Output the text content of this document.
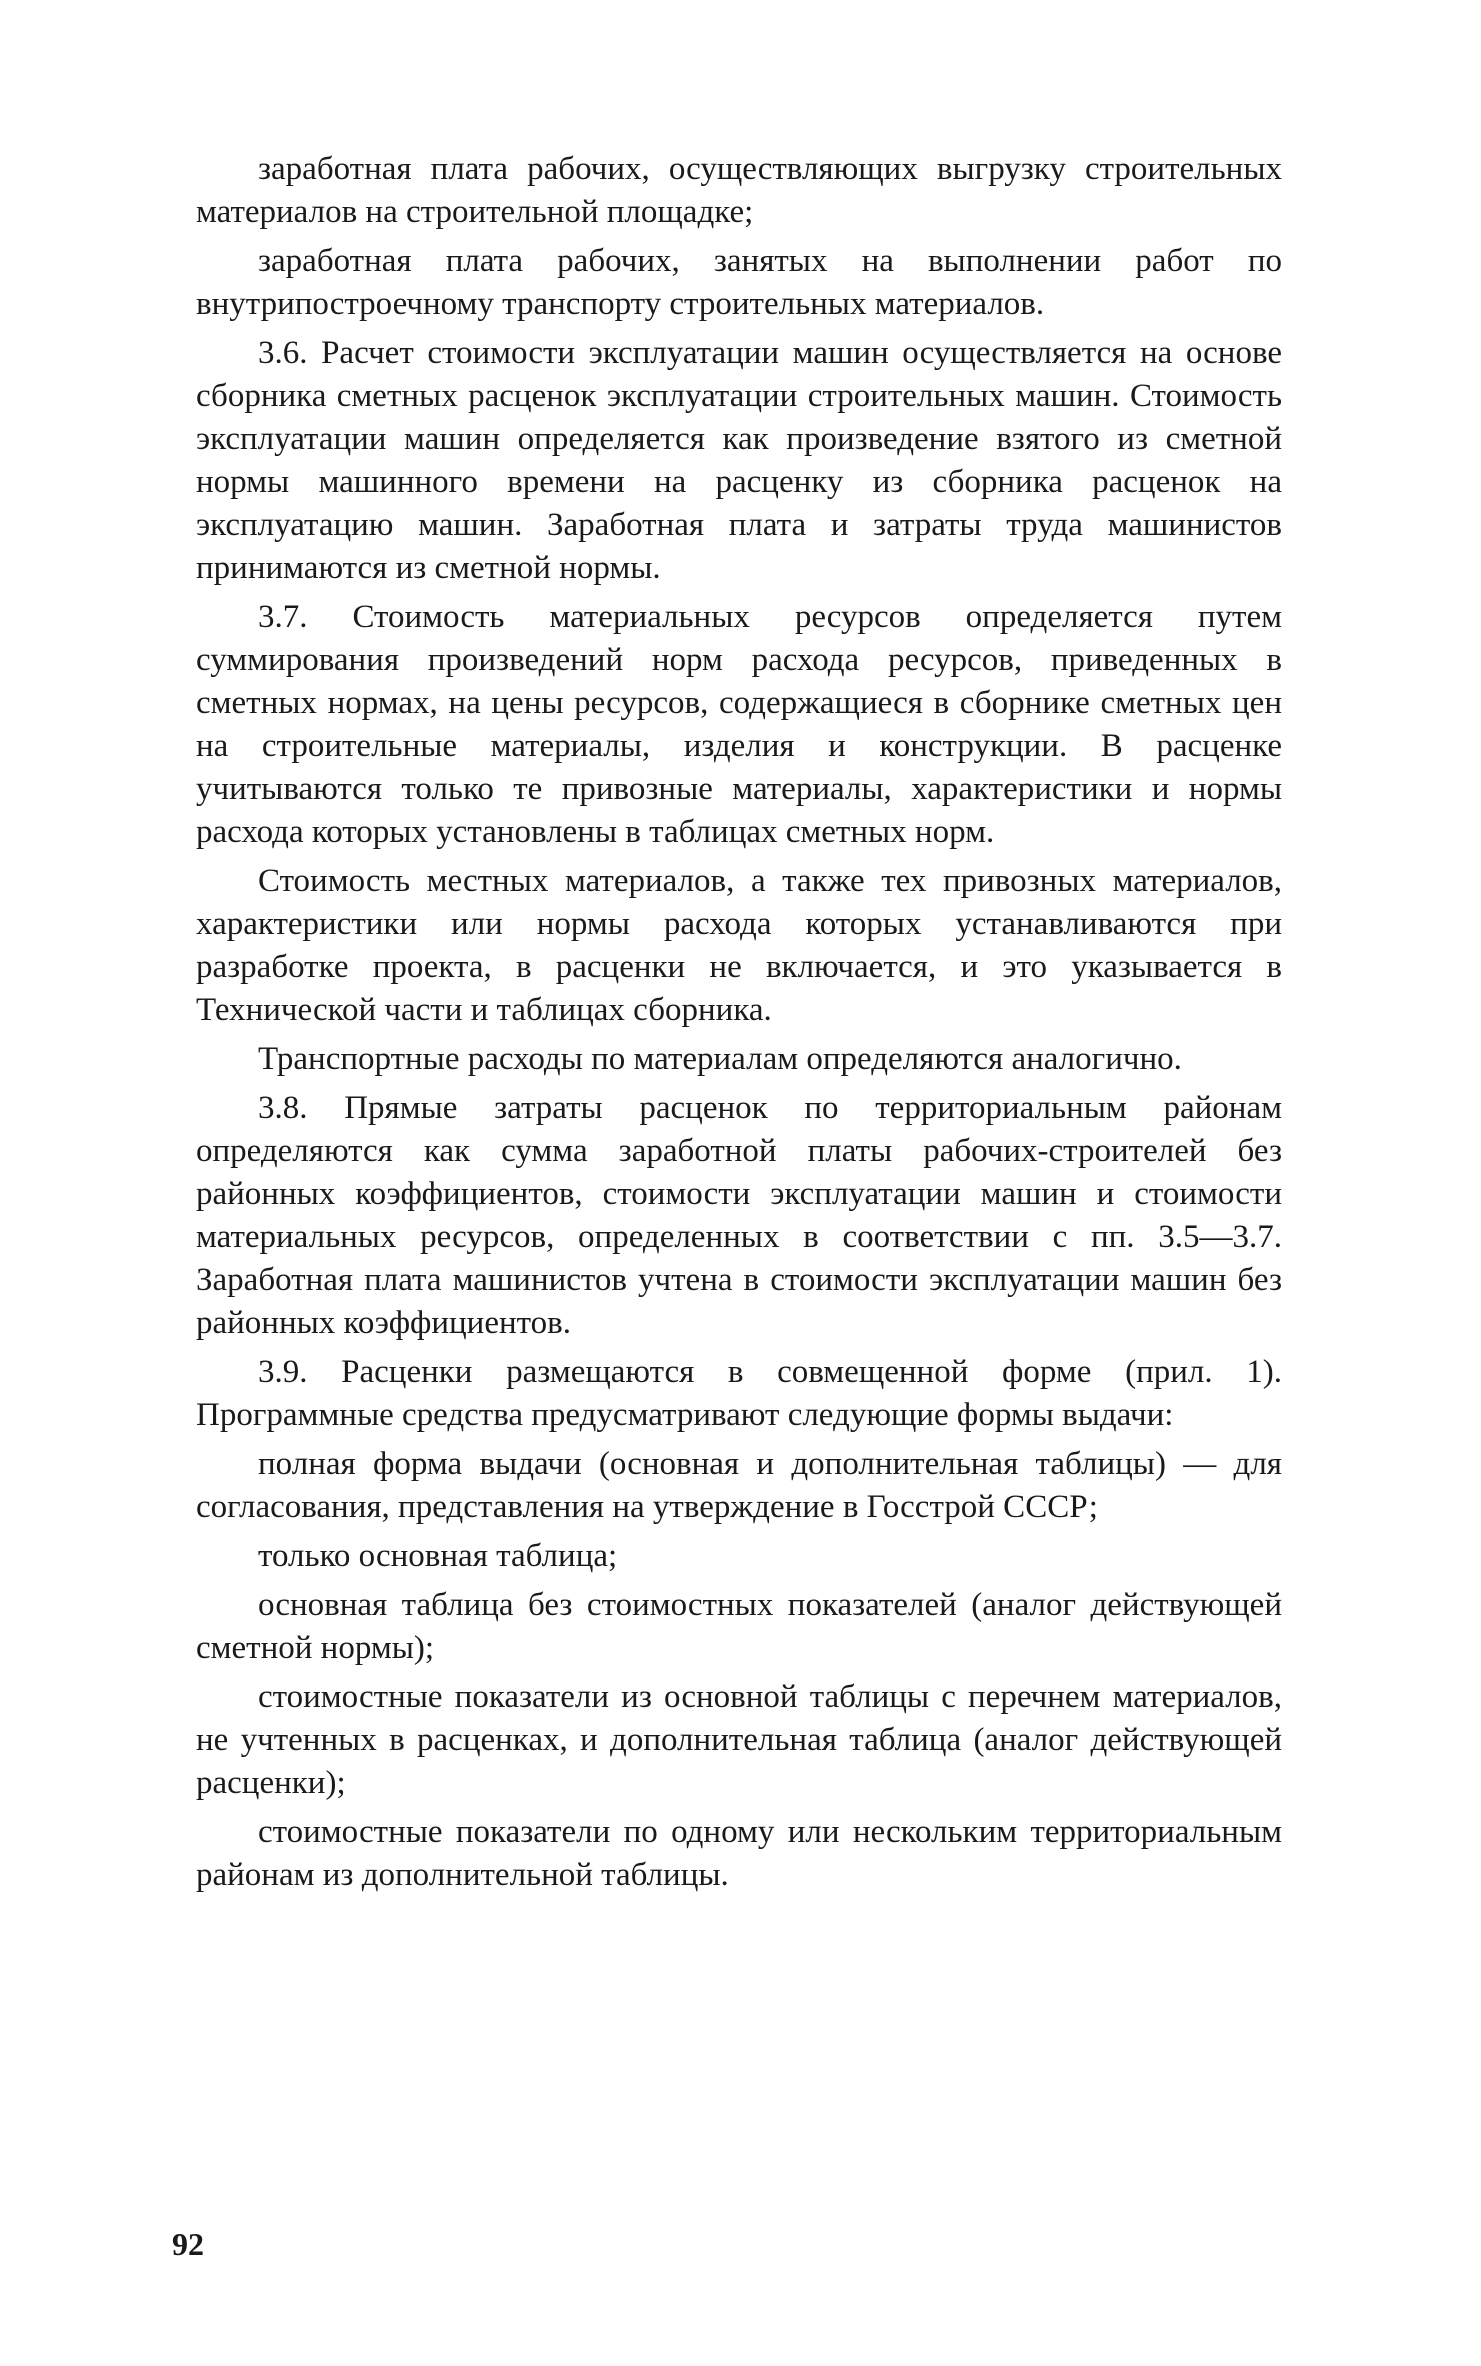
заработная плата рабочих, осуществляющих выгрузку строительных материалов на строительной площадке;

заработная плата рабочих, занятых на выполнении работ по внутрипостроечному транспорту строительных материалов.

3.6. Расчет стоимости эксплуатации машин осуществляется на основе сборника сметных расценок эксплуатации строительных машин. Стоимость эксплуатации машин определяется как произведение взятого из сметной нормы машинного времени на расценку из сборника расценок на эксплуатацию машин. Заработная плата и затраты труда машинистов принимаются из сметной нормы.

3.7. Стоимость материальных ресурсов определяется путем суммирования произведений норм расхода ресурсов, приведенных в сметных нормах, на цены ресурсов, содержащиеся в сборнике сметных цен на строительные материалы, изделия и конструкции. В расценке учитываются только те привозные материалы, характеристики и нормы расхода которых установлены в таблицах сметных норм.

Стоимость местных материалов, а также тех привозных материалов, характеристики или нормы расхода которых устанавливаются при разработке проекта, в расценки не включается, и это указывается в Технической части и таблицах сборника.

Транспортные расходы по материалам определяются аналогично.

3.8. Прямые затраты расценок по территориальным районам определяются как сумма заработной платы рабочих-строителей без районных коэффициентов, стоимости эксплуатации машин и стоимости материальных ресурсов, определенных в соответствии с пп. 3.5—3.7. Заработная плата машинистов учтена в стоимости эксплуатации машин без районных коэффициентов.

3.9. Расценки размещаются в совмещенной форме (прил. 1). Программные средства предусматривают следующие формы выдачи:

полная форма выдачи (основная и дополнительная таблицы) — для согласования, представления на утверждение в Госстрой СССР;

только основная таблица;

основная таблица без стоимостных показателей (аналог действующей сметной нормы);

стоимостные показатели из основной таблицы с перечнем материалов, не учтенных в расценках, и дополнительная таблица (аналог действующей расценки);

стоимостные показатели по одному или нескольким территориальным районам из дополнительной таблицы.

92
